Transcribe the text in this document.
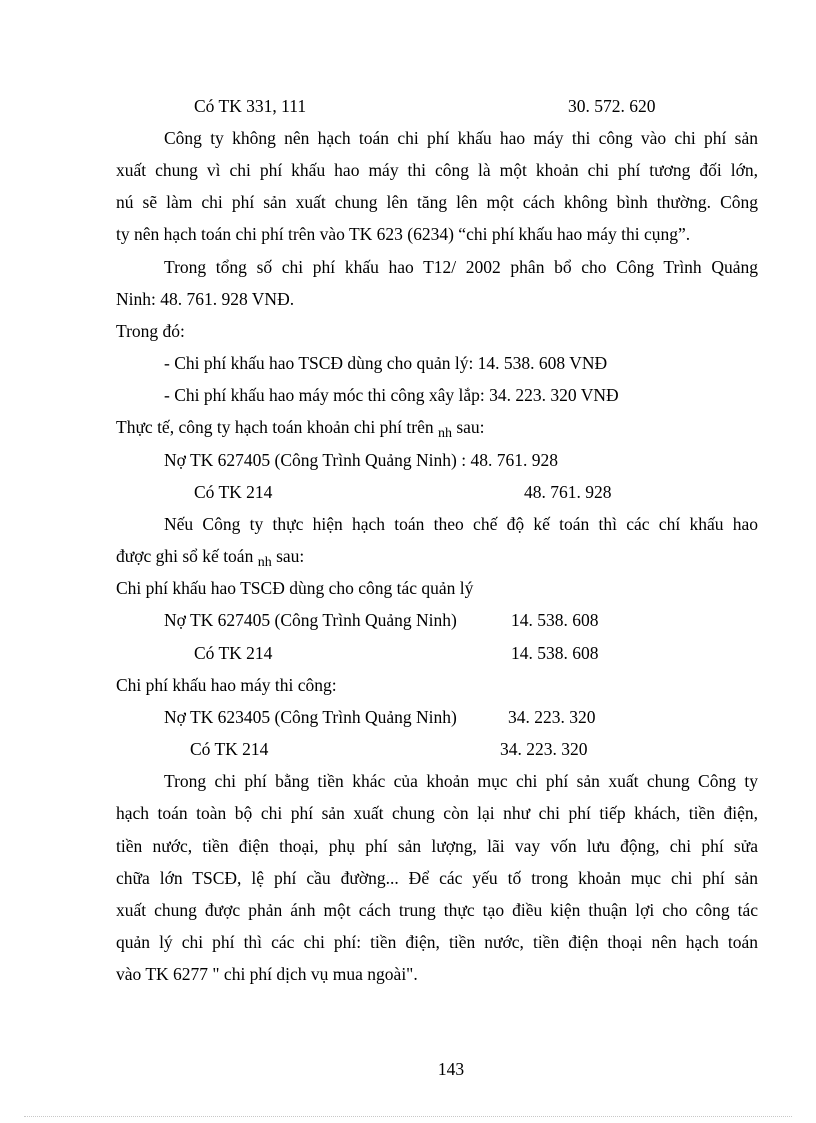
Có TK 331, 111	30. 572. 620
Công ty không nên hạch toán chi phí khấu hao máy thi công vào chi phí sản
xuất chung vì chi phí khấu hao máy thi công là một khoản chi phí tương đối lớn,
nú sẽ làm chi phí sản xuất chung lên tăng lên một cách không bình thường. Công
ty nên hạch toán chi phí trên vào TK 623 (6234) “chi phí khấu hao máy thi cụng”.
Trong tổng số chi phí khấu hao T12/ 2002 phân bổ cho Công Trình Quảng
Ninh: 48. 761. 928 VNĐ.
Trong đó:
- Chi phí khấu hao TSCĐ dùng cho quản lý: 14. 538. 608 VNĐ
- Chi phí khấu hao máy móc thi công xây lắp: 34. 223. 320 VNĐ
Thực tế, công ty hạch toán khoản chi phí trên $_{nh}$ sau:
Nợ TK 627405 (Công Trình Quảng Ninh) : 48. 761. 928
Có TK 214	48. 761. 928
Nếu Công ty thực hiện hạch toán theo chế độ kế toán thì các chí khấu hao
được ghi sổ kế toán $_{nh}$ sau:
Chi phí khấu hao TSCĐ dùng cho công tác quản lý
Nợ TK 627405 (Công Trình Quảng Ninh)	14. 538. 608
Có TK 214	14. 538. 608
Chi phí khấu hao máy thi công:
Nợ TK 623405 (Công Trình Quảng Ninh)	34. 223. 320
Có TK 214	34. 223. 320
Trong chi phí bằng tiền khác của khoản mục chi phí sản xuất chung Công ty
hạch toán toàn bộ chi phí sản xuất chung còn lại như chi phí tiếp khách, tiền điện,
tiền nước, tiền điện thoại, phụ phí sản lượng, lãi vay vốn lưu động, chi phí sửa
chữa lớn TSCĐ, lệ phí cầu đường... Để các yếu tố trong khoản mục chi phí sản
xuất chung được phản ánh một cách trung thực tạo điều kiện thuận lợi cho công tác
quản lý chi phí thì các chi phí: tiền điện, tiền nước, tiền điện thoại nên hạch toán
vào TK 6277 " chi phí dịch vụ mua ngoài".
143
